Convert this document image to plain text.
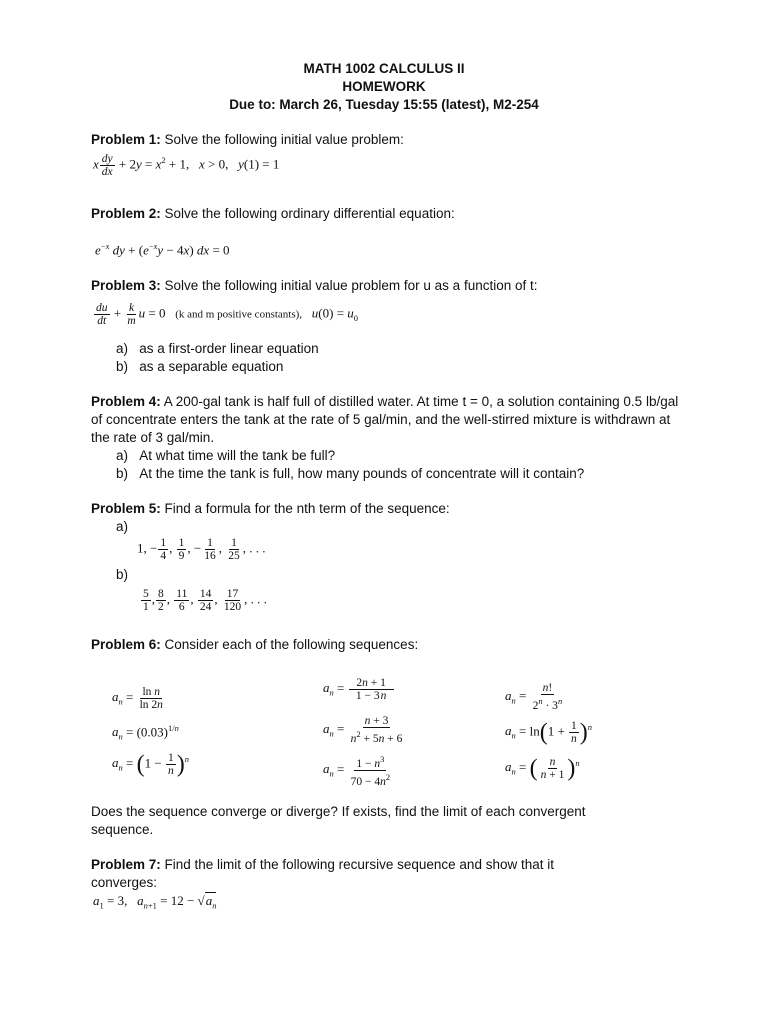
MATH 1002 CALCULUS II
HOMEWORK
Due to: March 26, Tuesday 15:55 (latest), M2-254
Problem 1: Solve the following initial value problem:
x $\frac{dy}{dx} + 2y = x^2 + 1$,   x > 0,   y(1) = 1
Problem 2: Solve the following ordinary differential equation:
$e^{-x}$ dy + $(e^{-x}y - 4x)$ dx = 0
Problem 3: Solve the following initial value problem for u as a function of t:
$\frac{du}{dt} + \frac{k}{m}$ u = 0   (k and m positive constants), $u(0) = u_0$
a)   as a first-order linear equation
b)   as a separable equation
Problem 4: A 200-gal tank is half full of distilled water. At time t = 0, a solution containing 0.5 lb/gal of concentrate enters the tank at the rate of 5 gal/min, and the well-stirred mixture is withdrawn at the rate of 3 gal/min.
a)   At what time will the tank be full?
b)   At the time the tank is full, how many pounds of concentrate will it contain?
Problem 5: Find a formula for the nth term of the sequence:
a)
1, − $\frac{1}{4}$ , $\frac{1}{9}$ , − $\frac{1}{16}$ , $\frac{1}{25}$ , . . .
b)
$\frac{5}{1}$ , $\frac{8}{2}$ , $\frac{11}{6}$ , $\frac{14}{24}$ , $\frac{17}{120}$ , . . .
Problem 6: Consider each of the following sequences:
$a_n = \frac{\text{ln n}}{\ln 2n}$
$a_n = (0.03)^{1/n}$
$a_n = (1 - \frac{1}{n} )^n$
$a_n = \frac{2n + 1}{1 - 3n}$
$a_n = \frac{n + 3}{n^2 + 5n + 6}$
$a_n = \frac{1 - n^3}{70 - 4n^2}$
$a_n = \frac{n!}{2^n \cdot 3^n}$
$a_n = \ln(1 + \frac{1}{n} )^n$
$a_n$ = ( $\frac{n}{n + 1} )^n$
Does the sequence converge or diverge? If exists, find the limit of each convergent sequence.
Problem 7: Find the limit of the following recursive sequence and show that it converges:
$a_1 = 3$,   $a_{n+1} = 12 - √a_n$
